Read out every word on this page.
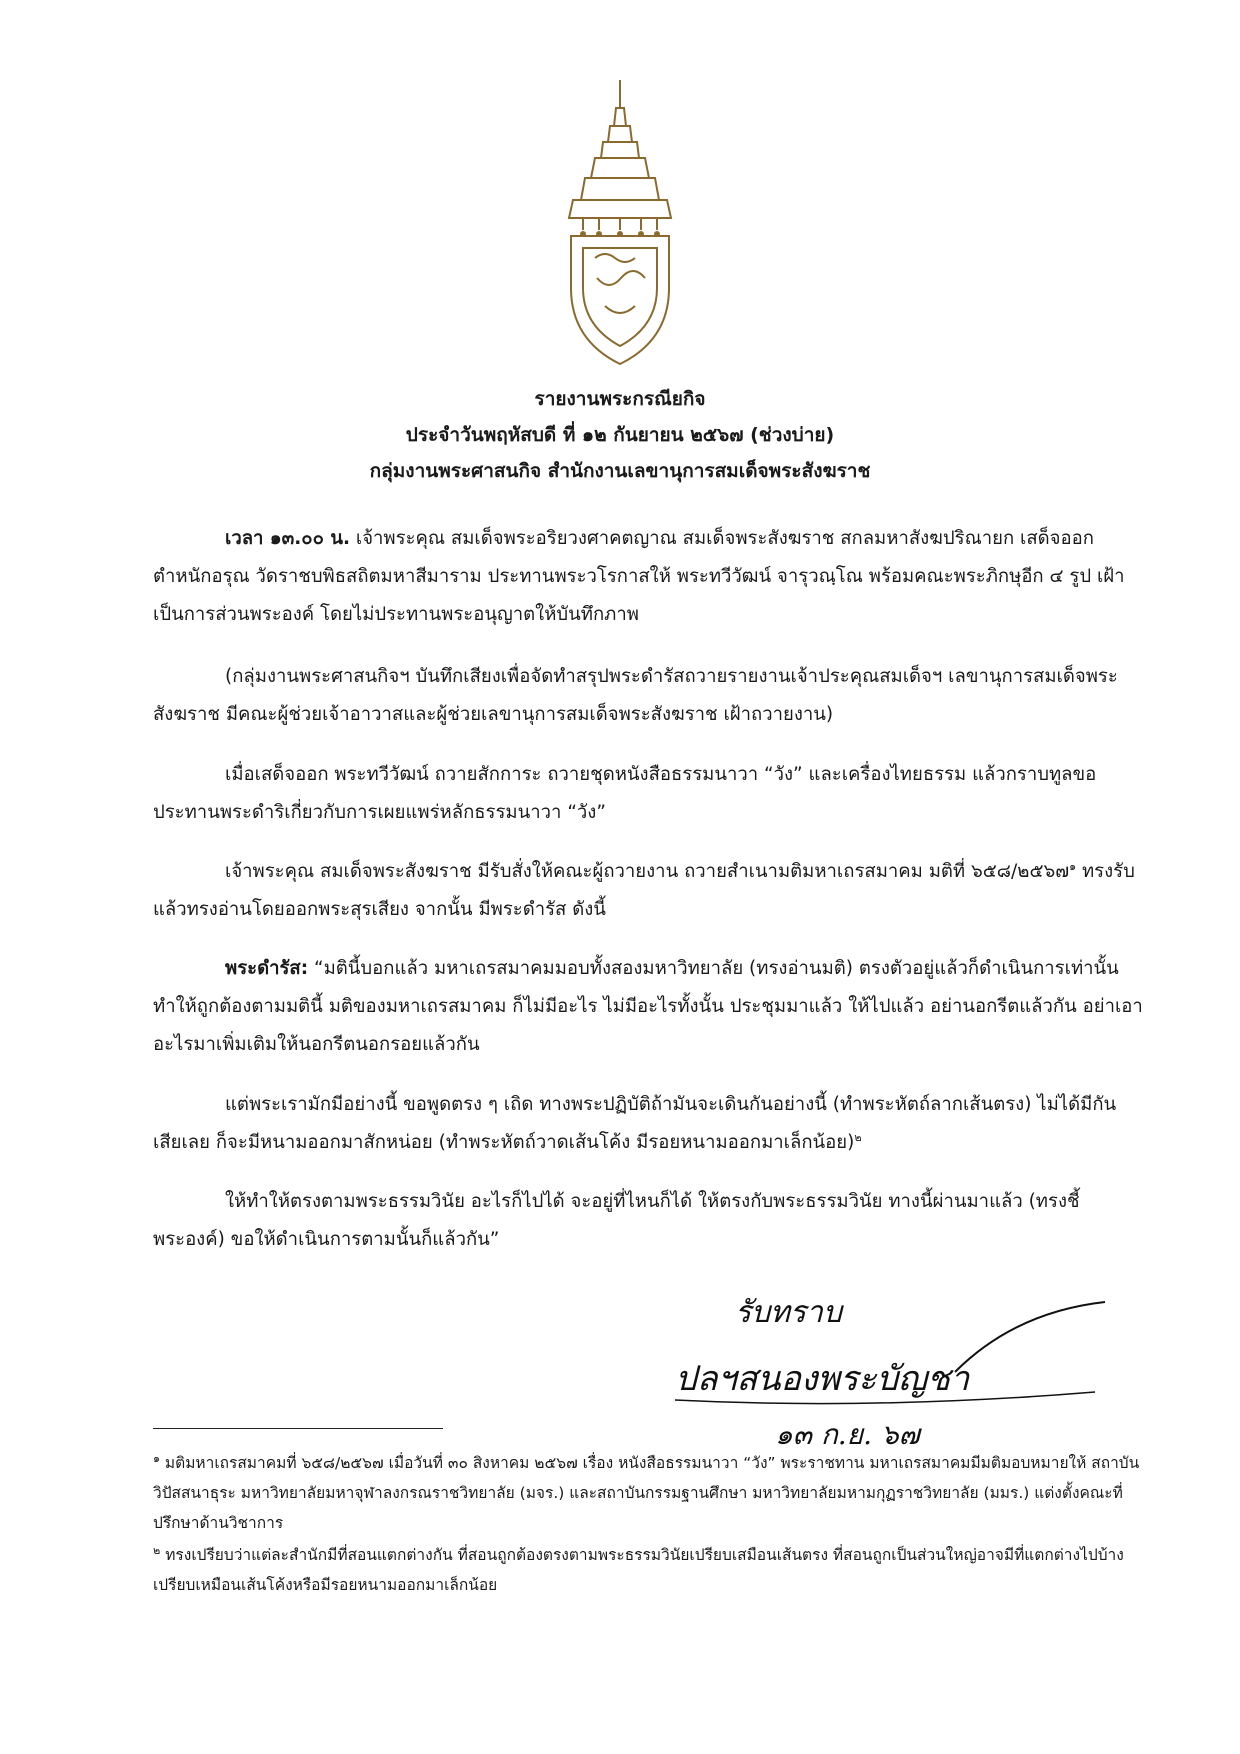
รายงานพระกรณียกิจ
ประจำวันพฤหัสบดี ที่ ๑๒ กันยายน ๒๕๖๗ (ช่วงบ่าย)
กลุ่มงานพระศาสนกิจ สำนักงานเลขานุการสมเด็จพระสังฆราช
เวลา ๑๓.๐๐ น. เจ้าพระคุณ สมเด็จพระอริยวงศาคตญาณ สมเด็จพระสังฆราช สกลมหาสังฆปริณายก เสด็จออกตำหนักอรุณ วัดราชบพิธสถิตมหาสีมาราม ประทานพระวโรกาสให้ พระทวีวัฒน์ จารุวณฺโณ พร้อมคณะพระภิกษุอีก ๔ รูป เฝ้าเป็นการส่วนพระองค์ โดยไม่ประทานพระอนุญาตให้บันทึกภาพ
(กลุ่มงานพระศาสนกิจฯ บันทึกเสียงเพื่อจัดทำสรุปพระดำรัสถวายรายงานเจ้าประคุณสมเด็จฯ เลขานุการสมเด็จพระสังฆราช มีคณะผู้ช่วยเจ้าอาวาสและผู้ช่วยเลขานุการสมเด็จพระสังฆราช เฝ้าถวายงาน)
เมื่อเสด็จออก พระทวีวัฒน์ ถวายสักการะ ถวายชุดหนังสือธรรมนาวา “วัง” และเครื่องไทยธรรม แล้วกราบทูลขอประทานพระดำริเกี่ยวกับการเผยแพร่หลักธรรมนาวา “วัง”
เจ้าพระคุณ สมเด็จพระสังฆราช มีรับสั่งให้คณะผู้ถวายงาน ถวายสำเนามติมหาเถรสมาคม มติที่ ๖๕๘/๒๕๖๗$^๑$ ทรงรับแล้วทรงอ่านโดยออกพระสุรเสียง จากนั้น มีพระดำรัส ดังนี้
พระดำรัส: “มตินี้บอกแล้ว มหาเถรสมาคมมอบทั้งสองมหาวิทยาลัย (ทรงอ่านมติ) ตรงตัวอยู่แล้วก็ดำเนินการเท่านั้น ทำให้ถูกต้องตามมตินี้ มติของมหาเถรสมาคม ก็ไม่มีอะไร ไม่มีอะไรทั้งนั้น ประชุมมาแล้ว ให้ไปแล้ว อย่านอกรีตแล้วกัน อย่าเอาอะไรมาเพิ่มเติมให้นอกรีตนอกรอยแล้วกัน
แต่พระเรามักมีอย่างนี้ ขอพูดตรง ๆ เถิด ทางพระปฏิบัติถ้ามันจะเดินกันอย่างนี้ (ทำพระหัตถ์ลากเส้นตรง) ไม่ได้มีกันเสียเลย ก็จะมีหนามออกมาสักหน่อย (ทำพระหัตถ์วาดเส้นโค้ง มีรอยหนามออกมาเล็กน้อย)$^๒$
ให้ทำให้ตรงตามพระธรรมวินัย อะไรก็ไปได้ จะอยู่ที่ไหนก็ได้ ให้ตรงกับพระธรรมวินัย ทางนี้ผ่านมาแล้ว (ทรงชี้พระองค์) ขอให้ดำเนินการตามนั้นก็แล้วกัน”
รับทราบ
ปลฯสนองพระบัญชา
๑๓ ก.ย. ๖๗
$^๑$ มติมหาเถรสมาคมที่ ๖๕๘/๒๕๖๗ เมื่อวันที่ ๓๐ สิงหาคม ๒๕๖๗ เรื่อง หนังสือธรรมนาวา “วัง” พระราชทาน มหาเถรสมาคมมีมติมอบหมายให้ สถาบันวิปัสสนาธุระ มหาวิทยาลัยมหาจุฬาลงกรณราชวิทยาลัย (มจร.) และสถาบันกรรมฐานศึกษา มหาวิทยาลัยมหามกุฏราชวิทยาลัย (มมร.) แต่งตั้งคณะที่ปรึกษาด้านวิชาการ
$^๒$ ทรงเปรียบว่าแต่ละสำนักมีที่สอนแตกต่างกัน ที่สอนถูกต้องตรงตามพระธรรมวินัยเปรียบเสมือนเส้นตรง ที่สอนถูกเป็นส่วนใหญ่อาจมีที่แตกต่างไปบ้างเปรียบเหมือนเส้นโค้งหรือมีรอยหนามออกมาเล็กน้อย
